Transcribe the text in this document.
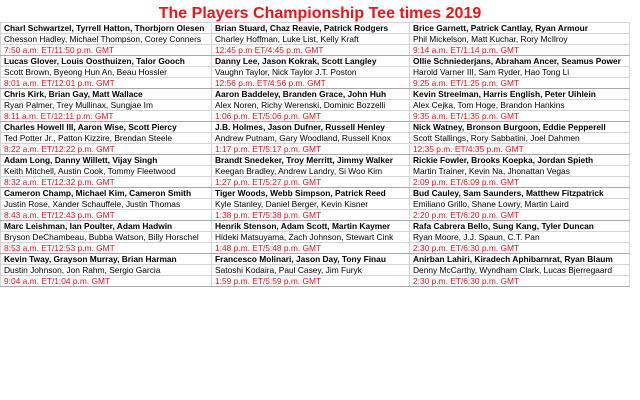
The Players Championship Tee times 2019
Charl Schwartzel, Tyrrell Hatton, Thorbjorn Olesen	Brian Stuard, Chaz Reavie, Patrick Rodgers	Brice Garnett, Patrick Cantlay, Ryan Armour
Chesson Hadley, Michael Thompson, Corey Conners	Charley Hoffman, Luke List, Kelly Kraft	Phil Mickelson, Matt Kuchar, Rory McIlroy
7:50 a.m. ET/11:50 p.m. GMT	12:45 p.m ET/4:45 p.m. GMT	9:14 a.m. ET/1:14 p.m. GMT
Lucas Glover, Louis Oosthuizen, Talor Gooch	Danny Lee, Jason Kokrak, Scott Langley	Ollie Schniederjans, Abraham Ancer, Seamus Power
Scott Brown, Byeong Hun An, Beau Hossler	Vaughn Taylor, Nick Taylor J.T. Poston	Harold Varner III, Sam Ryder, Hao Tong Li
8:01 a.m. ET/12:01 p.m. GMT	12:56 p.m. ET/4:56 p.m. GMT	9:25 a.m. ET/1:25 p.m. GMT
Chris Kirk, Brian Gay, Matt Wallace	Aaron Baddeley, Branden Grace, John Huh	Kevin Streelman, Harris English, Peter Uihlein
Ryan Palmer, Trey Mullinax, Sungjae Im	Alex Noren, Richy Werenski, Dominic Bozzelli	Alex Cejka, Tom Hoge, Brandon Hankins
8:11 a.m. ET/12:11 p.m. GMT	1:06 p.m. ET/5:06 p.m. GMT	9:35 a.m. ET/1:35 p.m. GMT
Charles Howell III, Aaron Wise, Scott Piercy	J.B. Holmes, Jason Dufner, Russell Henley	Nick Watney, Bronson Burgoon, Eddie Pepperell
Ted Potter Jr., Patton Kizzire, Brendan Steele	Andrew Putnam, Gary Woodland, Russell Knox	Scott Stallings, Rory Sabbatini, Joel Dahmen
8:22 a.m. ET/12:22 p.m. GMT	1:17 p.m. ET/5:17 p.m. GMT	12:35 p.m. ET/4:35 p.m. GMT
Adam Long, Danny Willett, Vijay Singh	Brandt Snedeker, Troy Merritt, Jimmy Walker	Rickie Fowler, Brooks Koepka, Jordan Spieth
Keith Mitchell, Austin Cook, Tommy Fleetwood	Keegan Bradley, Andrew Landry, Si Woo Kim	Martin Trainer, Kevin Na, Jhonattan Vegas
8:32 a.m. ET/12:32 p.m. GMT	1:27 p.m. ET/5:27 p.m. GMT	2:09 p.m. ET/6:09 p.m. GMT
Cameron Champ, Michael Kim, Cameron Smith	Tiger Woods, Webb Simpson, Patrick Reed	Bud Cauley, Sam Saunders, Matthew Fitzpatrick
Justin Rose, Xander Schauffele, Justin Thomas	Kyle Stanley, Daniel Berger, Kevin Kisner	Emiliano Grillo, Shane Lowry, Martin Laird
8:43 a.m. ET/12:43 p.m. GMT	1:38 p.m. ET/5:38 p.m. GMT	2:20 p.m. ET/6:20 p.m. GMT
Marc Leishman, Ian Poulter, Adam Hadwin	Henrik Stenson, Adam Scott, Martin Kaymer	Rafa Cabrera Bello, Sung Kang, Tyler Duncan
Bryson DeChambeau, Bubba Watson, Billy Horschel	Hideki Matsuyama, Zach Johnson, Stewart Cink	Ryan Moore, J.J. Spaun, C.T. Pan
8:53 a.m. ET/12:53 p.m. GMT	1:48 p.m. ET/5:48 p.m. GMT	2:30 p.m. ET/6:30 p.m. GMT
Kevin Tway, Grayson Murray, Brian Harman	Francesco Molinari, Jason Day, Tony Finau	Anirban Lahiri, Kiradech Aphibarnrat, Ryan Blaum
Dustin Johnson, Jon Rahm, Sergio Garcia	Satoshi Kodaira, Paul Casey, Jim Furyk	Denny McCarthy, Wyndham Clark, Lucas Bjerregaard
9:04 a.m. ET/1:04 p.m. GMT	1:59 p.m. ET/5:59 p.m. GMT	2:30 p.m. ET/6:30 p.m. GMT
